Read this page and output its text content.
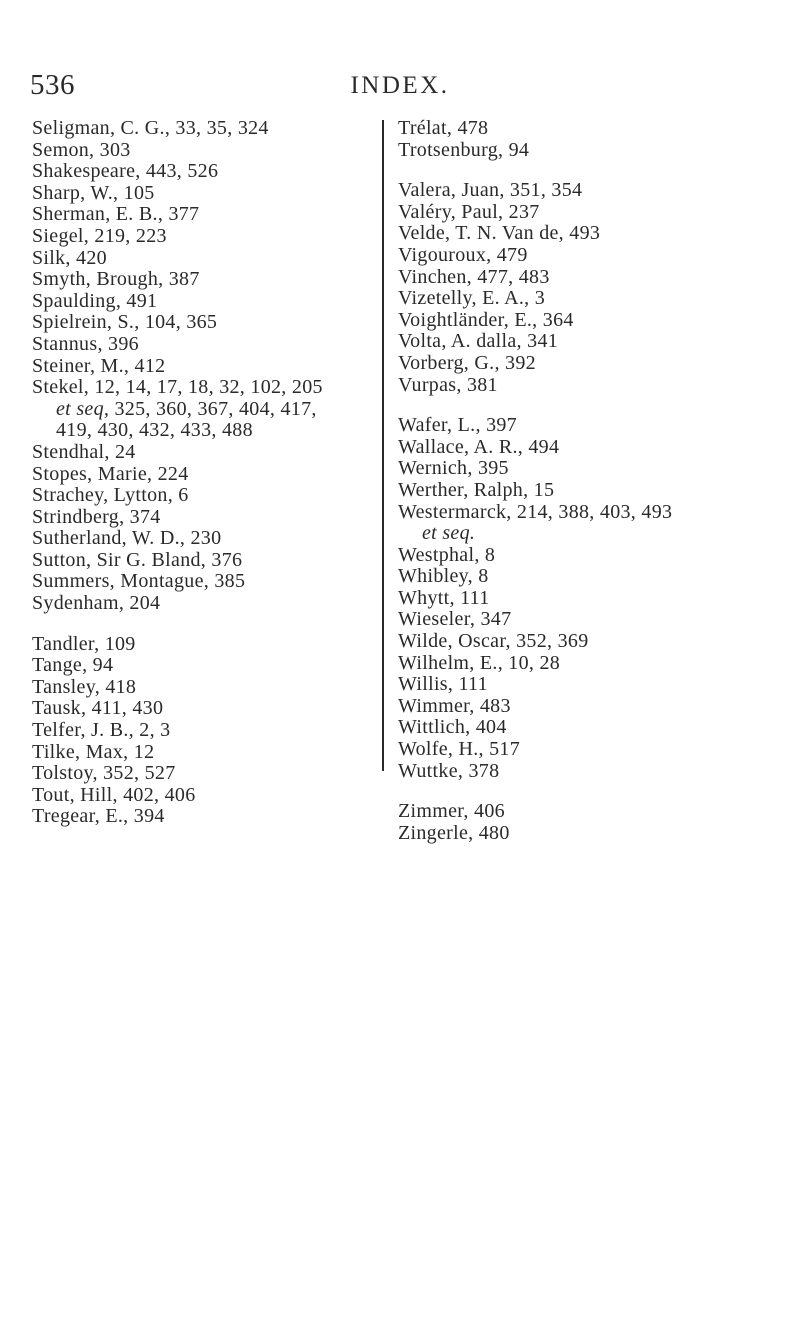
536	INDEX.
Seligman, C. G., 33, 35, 324
Semon, 303
Shakespeare, 443, 526
Sharp, W., 105
Sherman, E. B., 377
Siegel, 219, 223
Silk, 420
Smyth, Brough, 387
Spaulding, 491
Spielrein, S., 104, 365
Stannus, 396
Steiner, M., 412
Stekel, 12, 14, 17, 18, 32, 102, 205
et seq, 325, 360, 367, 404, 417,
419, 430, 432, 433, 488
Stendhal, 24
Stopes, Marie, 224
Strachey, Lytton, 6
Strindberg, 374
Sutherland, W. D., 230
Sutton, Sir G. Bland, 376
Summers, Montague, 385
Sydenham, 204
Tandler, 109
Tange, 94
Tansley, 418
Tausk, 411, 430
Telfer, J. B., 2, 3
Tilke, Max, 12
Tolstoy, 352, 527
Tout, Hill, 402, 406
Tregear, E., 394
Trélat, 478
Trotsenburg, 94
Valera, Juan, 351, 354
Valéry, Paul, 237
Velde, T. N. Van de, 493
Vigouroux, 479
Vinchen, 477, 483
Vizetelly, E. A., 3
Voightländer, E., 364
Volta, A. dalla, 341
Vorberg, G., 392
Vurpas, 381
Wafer, L., 397
Wallace, A. R., 494
Wernich, 395
Werther, Ralph, 15
Westermarck, 214, 388, 403, 493
et seq.
Westphal, 8
Whibley, 8
Whytt, 111
Wieseler, 347
Wilde, Oscar, 352, 369
Wilhelm, E., 10, 28
Willis, 111
Wimmer, 483
Wittlich, 404
Wolfe, H., 517
Wuttke, 378
Zimmer, 406
Zingerle, 480
